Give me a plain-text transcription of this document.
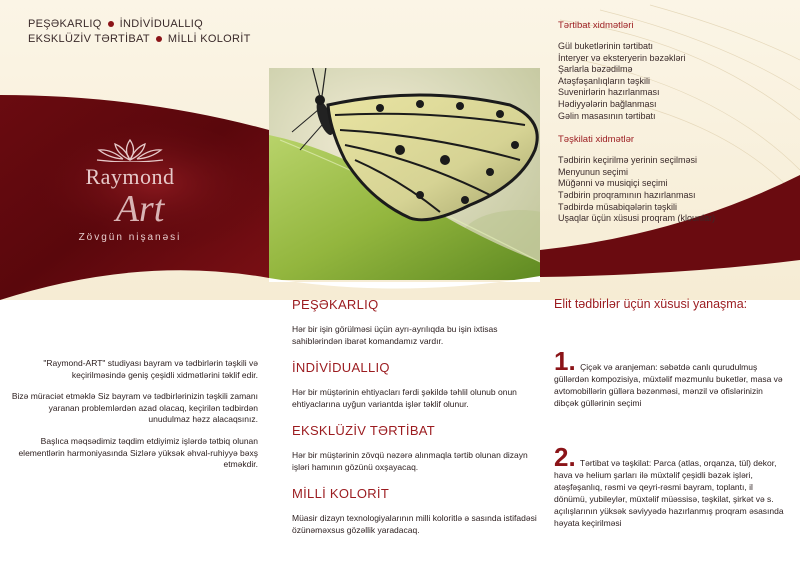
PEŞƏKARLIQ İNDİVİDUALLIQ
EKSKLÜZİV TƏRTİBAT MİLLİ KOLORİT
Raymond
Art
Zövgün nişanəsi
Tərtibat xidmətləri
Gül buketlərinin tərtibatı
İnteryer və eksteryerin bəzəkləri
Şarlarla bəzədilmə
Atəşfəşanlıqların təşkili
Suvenirlərin hazırlanması
Hədiyyələrin bağlanması
Gəlin masasının tərtibatı
Təşkilati xidmətlər
Tədbirin keçirilmə yerinin seçilməsi
Menyunun seçimi
Müğənni və musiqiçi seçimi
Tədbirin proqramının hazırlanması
Tədbirdə müsabiqələrin təşkili
Uşaqlar üçün xüsusi proqram (klounlar)

"Raymond-ART" studiyası bayram və tədbirlərin təşkili və keçirilməsində geniş çeşidli xidmətlərini təklif edir.

Bizə müraciət etməklə Siz bayram və tədbirlərinizin təşkili zamanı yaranan problemlərdən azad olacaq, keçirilən tədbirdən unudulmaz həzz alacaqsınız.

Başlıca məqsədimiz təqdim etdiyimiz işlərdə tətbiq olunan elementlərin harmoniyasında Sizlərə yüksək əhval-ruhiyyə bəxş etməkdir.

PEŞƏKARLIQ
Hər bir işin görülməsi üçün ayrı-ayrılıqda bu işin ixtisas sahiblərindən ibarət komandamız vardır.
İNDİVİDUALLIQ
Hər bir müştərinin ehtiyacları fərdi şəkildə təhlil olunub onun ehtiyaclarına uyğun variantda işlər təklif olunur.
EKSKLÜZİV TƏRTİBAT
Hər bir müştərinin zövqü nəzərə alınmaqla tərtib olunan dizayn işləri hamının gözünü oxşayacaq.
MİLLİ KOLORİT
Müasir dizayn texnologiyalarının milli koloritlə ə sasında istifadəsi özünəməxsus gözəllik yaradacaq.
Elit tədbirlər üçün xüsusi yanaşma:
1. Çiçək və aranjeman: səbətdə canlı qurudulmuş güllərdən kompozisiya, müxtəlif məzmunlu buketlər, masa və avtomobillərin gülləra bəzənməsi, mənzil və ofislərinizin dibçək güllərinin seçimi
2. Tərtibat və təşkilat: Parca (atlas, orqanza, tül) dekor, hava və helium şarları ilə müxtəlif çeşidli bəzək işləri, atəşfəşanlıq, rəsmi və qeyri-rəsmi bayram, toplantı, il dönümü, yubileylər, müxtəlif müəssisə, təşkilat, şirkət və s. açılışlarının yüksək səviyyədə hazırlanmış proqram əsasında həyata keçirilməsi
